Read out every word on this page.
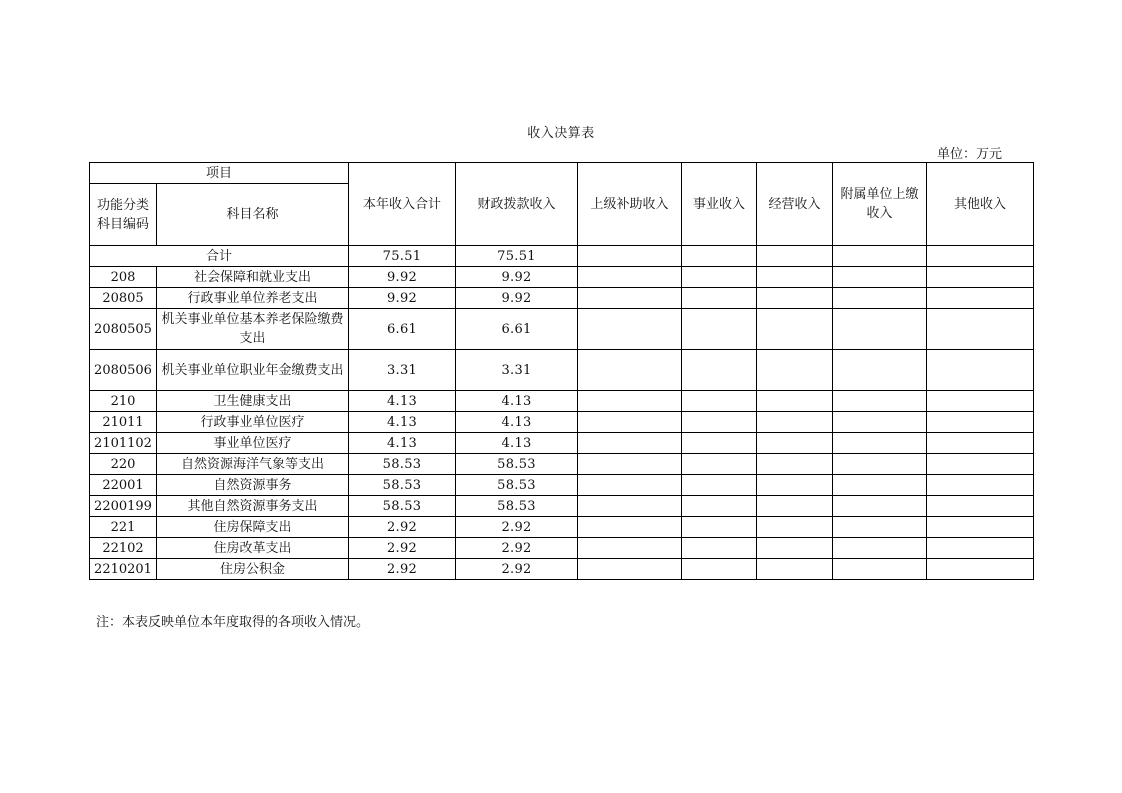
收入决算表
单位：万元
项目		本年收入合计	财政拨款收入	上级补助收入	事业收入	经营收入	附属单位上缴收入	其他收入
功能分类科目编码	科目名称							
合计		75.51	75.51					
208	社会保障和就业支出	9.92	9.92					
20805	行政事业单位养老支出	9.92	9.92					
2080505	机关事业单位基本养老保险缴费支出	6.61	6.61					
2080506	机关事业单位职业年金缴费支出	3.31	3.31					
210	卫生健康支出	4.13	4.13					
21011	行政事业单位医疗	4.13	4.13					
2101102	事业单位医疗	4.13	4.13					
220	自然资源海洋气象等支出	58.53	58.53					
22001	自然资源事务	58.53	58.53					
2200199	其他自然资源事务支出	58.53	58.53					
221	住房保障支出	2.92	2.92					
22102	住房改革支出	2.92	2.92					
2210201	住房公积金	2.92	2.92					
注：本表反映单位本年度取得的各项收入情况。
